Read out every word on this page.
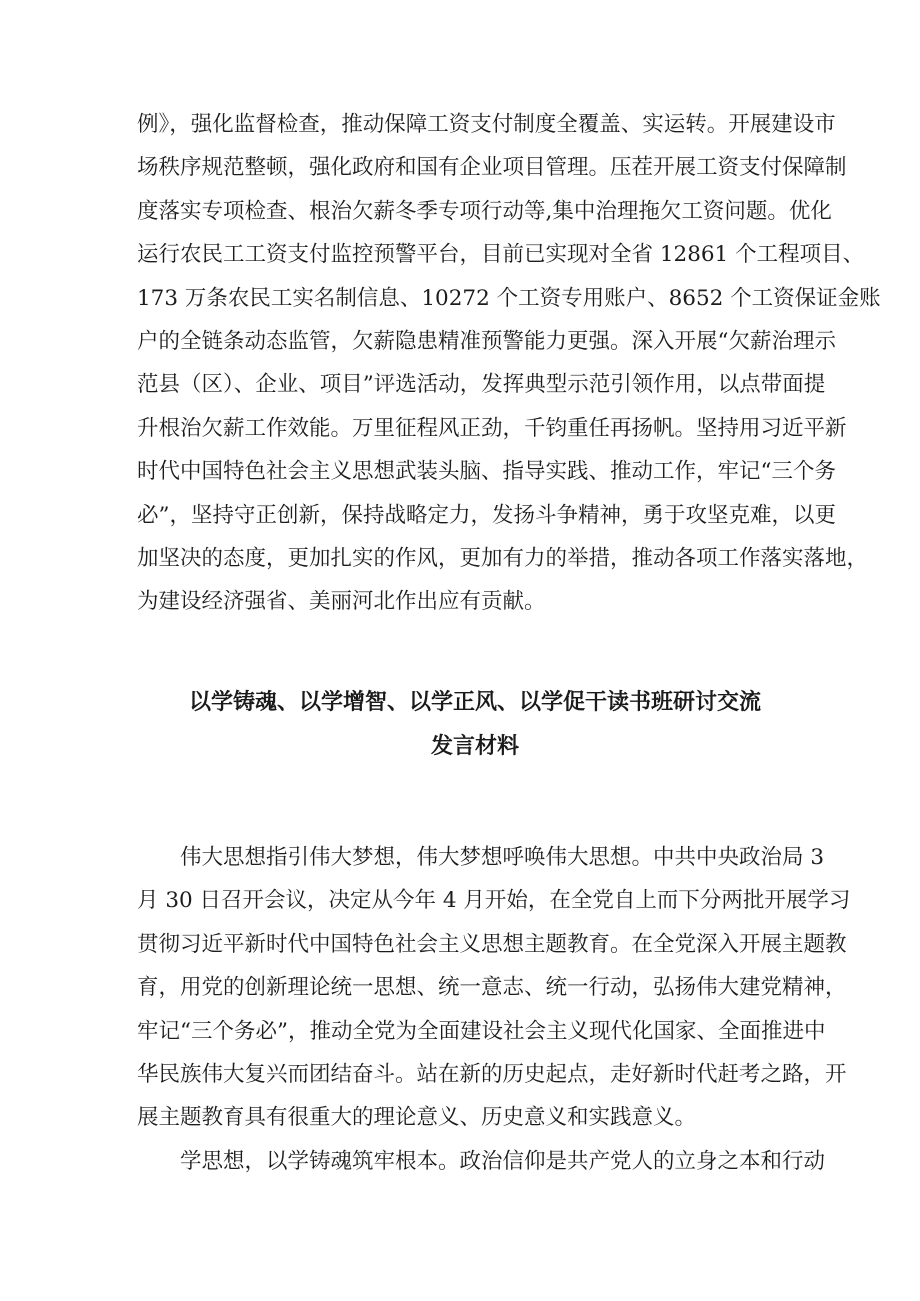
例》，强化监督检查，推动保障工资支付制度全覆盖、实运转。开展建设市
场秩序规范整顿，强化政府和国有企业项目管理。压茬开展工资支付保障制
度落实专项检查、根治欠薪冬季专项行动等,集中治理拖欠工资问题。优化
运行农民工工资支付监控预警平台，目前已实现对全省 12861 个工程项目、
173 万条农民工实名制信息、10272 个工资专用账户、8652 个工资保证金账
户的全链条动态监管，欠薪隐患精准预警能力更强。深入开展“欠薪治理示
范县（区）、企业、项目”评选活动，发挥典型示范引领作用，以点带面提
升根治欠薪工作效能。万里征程风正劲，千钧重任再扬帆。坚持用习近平新
时代中国特色社会主义思想武装头脑、指导实践、推动工作，牢记“三个务
必”，坚持守正创新，保持战略定力，发扬斗争精神，勇于攻坚克难，以更
加坚决的态度，更加扎实的作风，更加有力的举措，推动各项工作落实落地，
为建设经济强省、美丽河北作出应有贡献。
以学铸魂、以学增智、以学正风、以学促干读书班研讨交流
发言材料
　　伟大思想指引伟大梦想，伟大梦想呼唤伟大思想。中共中央政治局 3
月 30 日召开会议，决定从今年 4 月开始，在全党自上而下分两批开展学习
贯彻习近平新时代中国特色社会主义思想主题教育。在全党深入开展主题教
育，用党的创新理论统一思想、统一意志、统一行动，弘扬伟大建党精神，
牢记“三个务必”，推动全党为全面建设社会主义现代化国家、全面推进中
华民族伟大复兴而团结奋斗。站在新的历史起点，走好新时代赶考之路，开
展主题教育具有很重大的理论意义、历史意义和实践意义。
　　学思想，以学铸魂筑牢根本。政治信仰是共产党人的立身之本和行动
